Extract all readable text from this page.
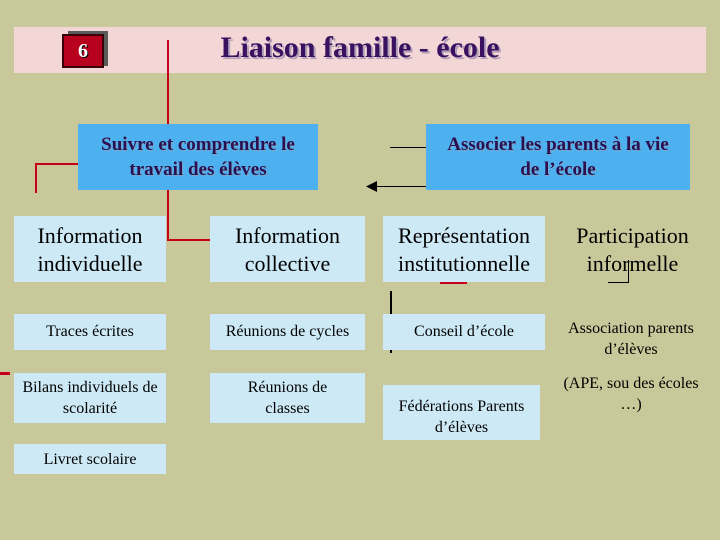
6	Liaison famille - école
Suivre et comprendre le travail des élèves
Associer les parents à la vie de l’école
Information individuelle
Information collective
Représentation institutionnelle
Participation informelle
Traces écrites	Réunions de cycles	Conseil d’école	Association parents d’élèves
Bilans individuels de scolarité
Réunions de classes	Fédérations Parents d’élèves
(APE, sou des écoles …)
Livret scolaire
